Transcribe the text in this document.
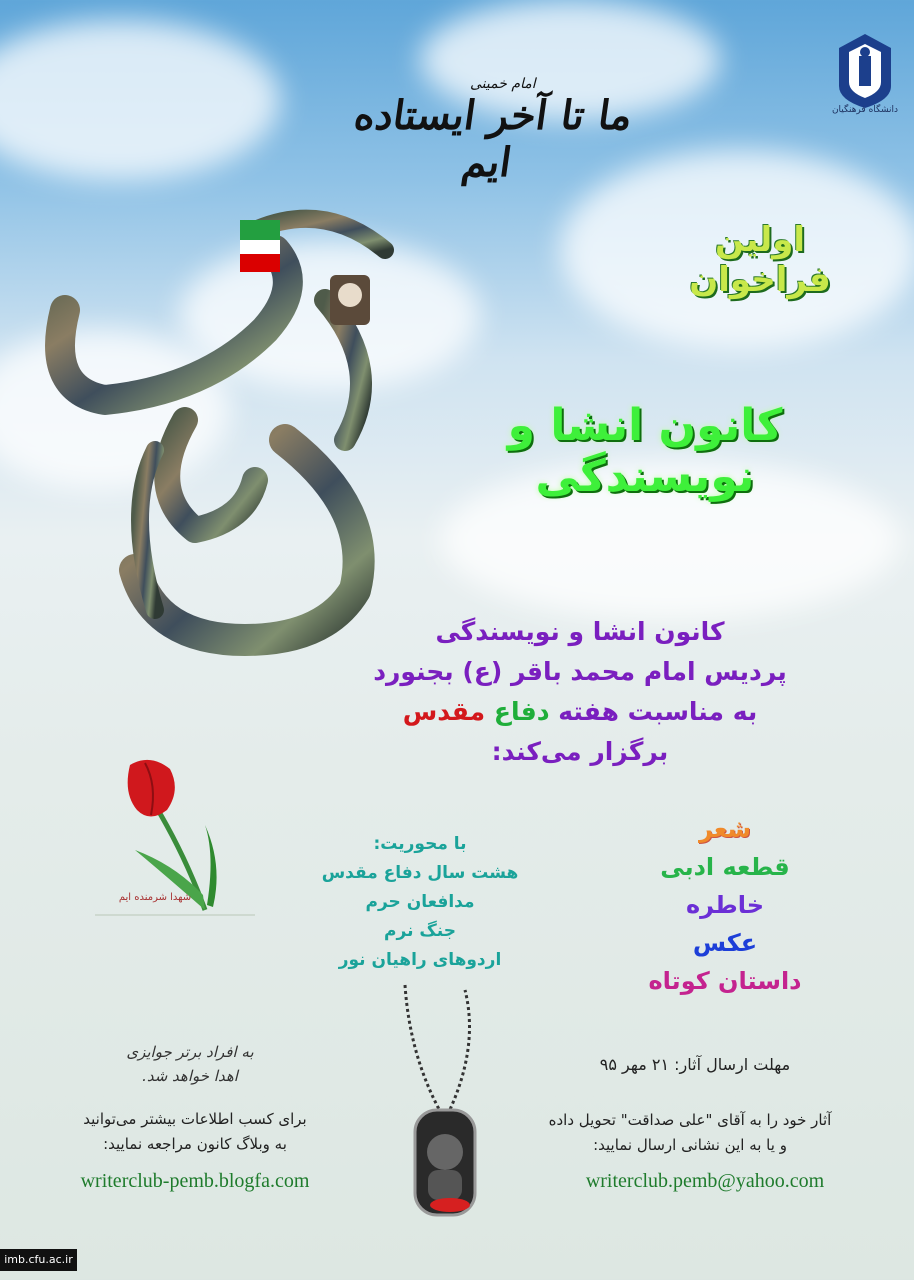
دانشگاه فرهنگیان
امام خمینی
ما تا آخر ایستاده ایم
اولین فراخوان
کانون انشا و نویسندگی
کانون انشا و نویسندگی
پردیس امام محمد باقر (ع) بجنورد
به مناسبت هفته دفاع مقدس
برگزار می‌کند:
شهدا شرمنده ایم
با محوریت:
هشت سال دفاع مقدس
مدافعان حرم
جنگ نرم
اردوهای راهیان نور
شعر
قطعه ادبی
خاطره
عکس
داستان کوتاه
به افراد برتر جوایزی
اهدا خواهد شد.
برای کسب اطلاعات بیشتر می‌توانید
به وبلاگ کانون مراجعه نمایید:
writerclub-pemb.blogfa.com
مهلت ارسال آثار: ۲۱ مهر ۹۵
آثار خود را به آقای "علی صداقت" تحویل داده
و یا به این نشانی ارسال نمایید:
writerclub.pemb@yahoo.com
imb.cfu.ac.ir
